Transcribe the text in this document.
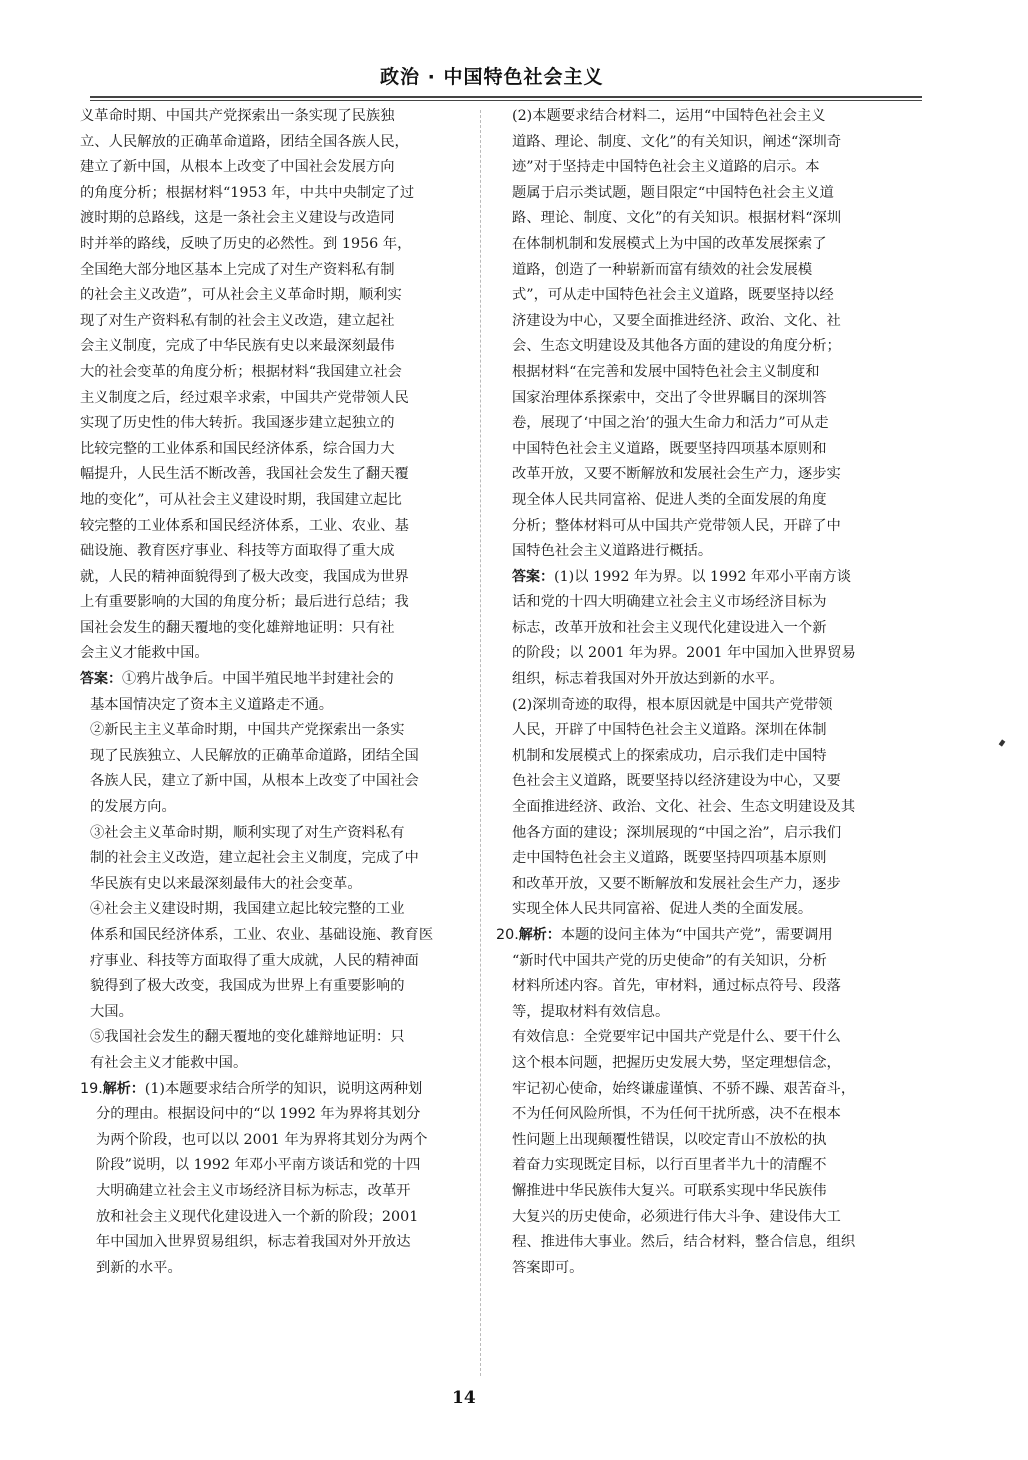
政治 · 中国特色社会主义

义革命时期、中国共产党探索出一条实现了民族独

立、人民解放的正确革命道路，团结全国各族人民，

建立了新中国，从根本上改变了中国社会发展方向

的角度分析；根据材料“1953 年，中共中央制定了过

渡时期的总路线，这是一条社会主义建设与改造同

时并举的路线，反映了历史的必然性。到 1956 年，

全国绝大部分地区基本上完成了对生产资料私有制

的社会主义改造”，可从社会主义革命时期，顺利实

现了对生产资料私有制的社会主义改造，建立起社

会主义制度，完成了中华民族有史以来最深刻最伟

大的社会变革的角度分析；根据材料“我国建立社会

主义制度之后，经过艰辛求索，中国共产党带领人民

实现了历史性的伟大转折。我国逐步建立起独立的

比较完整的工业体系和国民经济体系，综合国力大

幅提升，人民生活不断改善，我国社会发生了翻天覆

地的变化”，可从社会主义建设时期，我国建立起比

较完整的工业体系和国民经济体系，工业、农业、基

础设施、教育医疗事业、科技等方面取得了重大成

就，人民的精神面貌得到了极大改变，我国成为世界

上有重要影响的大国的角度分析；最后进行总结；我

国社会发生的翻天覆地的变化雄辩地证明：只有社

会主义才能救中国。

答案：①鸦片战争后。中国半殖民地半封建社会的

基本国情决定了资本主义道路走不通。

②新民主主义革命时期，中国共产党探索出一条实

现了民族独立、人民解放的正确革命道路，团结全国

各族人民，建立了新中国，从根本上改变了中国社会

的发展方向。

③社会主义革命时期，顺利实现了对生产资料私有

制的社会主义改造，建立起社会主义制度，完成了中

华民族有史以来最深刻最伟大的社会变革。

④社会主义建设时期，我国建立起比较完整的工业

体系和国民经济体系，工业、农业、基础设施、教育医

疗事业、科技等方面取得了重大成就，人民的精神面

貌得到了极大改变，我国成为世界上有重要影响的

大国。

⑤我国社会发生的翻天覆地的变化雄辩地证明：只

有社会主义才能救中国。

19.解析：(1)本题要求结合所学的知识，说明这两种划

分的理由。根据设问中的“以 1992 年为界将其划分

为两个阶段，也可以以 2001 年为界将其划分为两个

阶段”说明，以 1992 年邓小平南方谈话和党的十四

大明确建立社会主义市场经济目标为标志，改革开

放和社会主义现代化建设进入一个新的阶段；2001

年中国加入世界贸易组织，标志着我国对外开放达

到新的水平。

(2)本题要求结合材料二，运用“中国特色社会主义

道路、理论、制度、文化”的有关知识，阐述“深圳奇

迹”对于坚持走中国特色社会主义道路的启示。本

题属于启示类试题，题目限定“中国特色社会主义道

路、理论、制度、文化”的有关知识。根据材料“深圳

在体制机制和发展模式上为中国的改革发展探索了

道路，创造了一种崭新而富有绩效的社会发展模

式”，可从走中国特色社会主义道路，既要坚持以经

济建设为中心，又要全面推进经济、政治、文化、社

会、生态文明建设及其他各方面的建设的角度分析；

根据材料“在完善和发展中国特色社会主义制度和

国家治理体系探索中，交出了令世界瞩目的深圳答

卷，展现了‘中国之治’的强大生命力和活力”可从走

中国特色社会主义道路，既要坚持四项基本原则和

改革开放，又要不断解放和发展社会生产力，逐步实

现全体人民共同富裕、促进人类的全面发展的角度

分析；整体材料可从中国共产党带领人民，开辟了中

国特色社会主义道路进行概括。

答案：(1)以 1992 年为界。以 1992 年邓小平南方谈

话和党的十四大明确建立社会主义市场经济目标为

标志，改革开放和社会主义现代化建设进入一个新

的阶段；以 2001 年为界。2001 年中国加入世界贸易

组织，标志着我国对外开放达到新的水平。

(2)深圳奇迹的取得，根本原因就是中国共产党带领

人民，开辟了中国特色社会主义道路。深圳在体制

机制和发展模式上的探索成功，启示我们走中国特

色社会主义道路，既要坚持以经济建设为中心，又要

全面推进经济、政治、文化、社会、生态文明建设及其

他各方面的建设；深圳展现的“中国之治”，启示我们

走中国特色社会主义道路，既要坚持四项基本原则

和改革开放，又要不断解放和发展社会生产力，逐步

实现全体人民共同富裕、促进人类的全面发展。

20.解析：本题的设问主体为“中国共产党”，需要调用

“新时代中国共产党的历史使命”的有关知识，分析

材料所述内容。首先，审材料，通过标点符号、段落

等，提取材料有效信息。

有效信息：全党要牢记中国共产党是什么、要干什么

这个根本问题，把握历史发展大势，坚定理想信念，

牢记初心使命，始终谦虚谨慎、不骄不躁、艰苦奋斗，

不为任何风险所惧，不为任何干扰所惑，决不在根本

性问题上出现颠覆性错误，以咬定青山不放松的执

着奋力实现既定目标，以行百里者半九十的清醒不

懈推进中华民族伟大复兴。可联系实现中华民族伟

大复兴的历史使命，必须进行伟大斗争、建设伟大工

程、推进伟大事业。然后，结合材料，整合信息，组织

答案即可。

14
